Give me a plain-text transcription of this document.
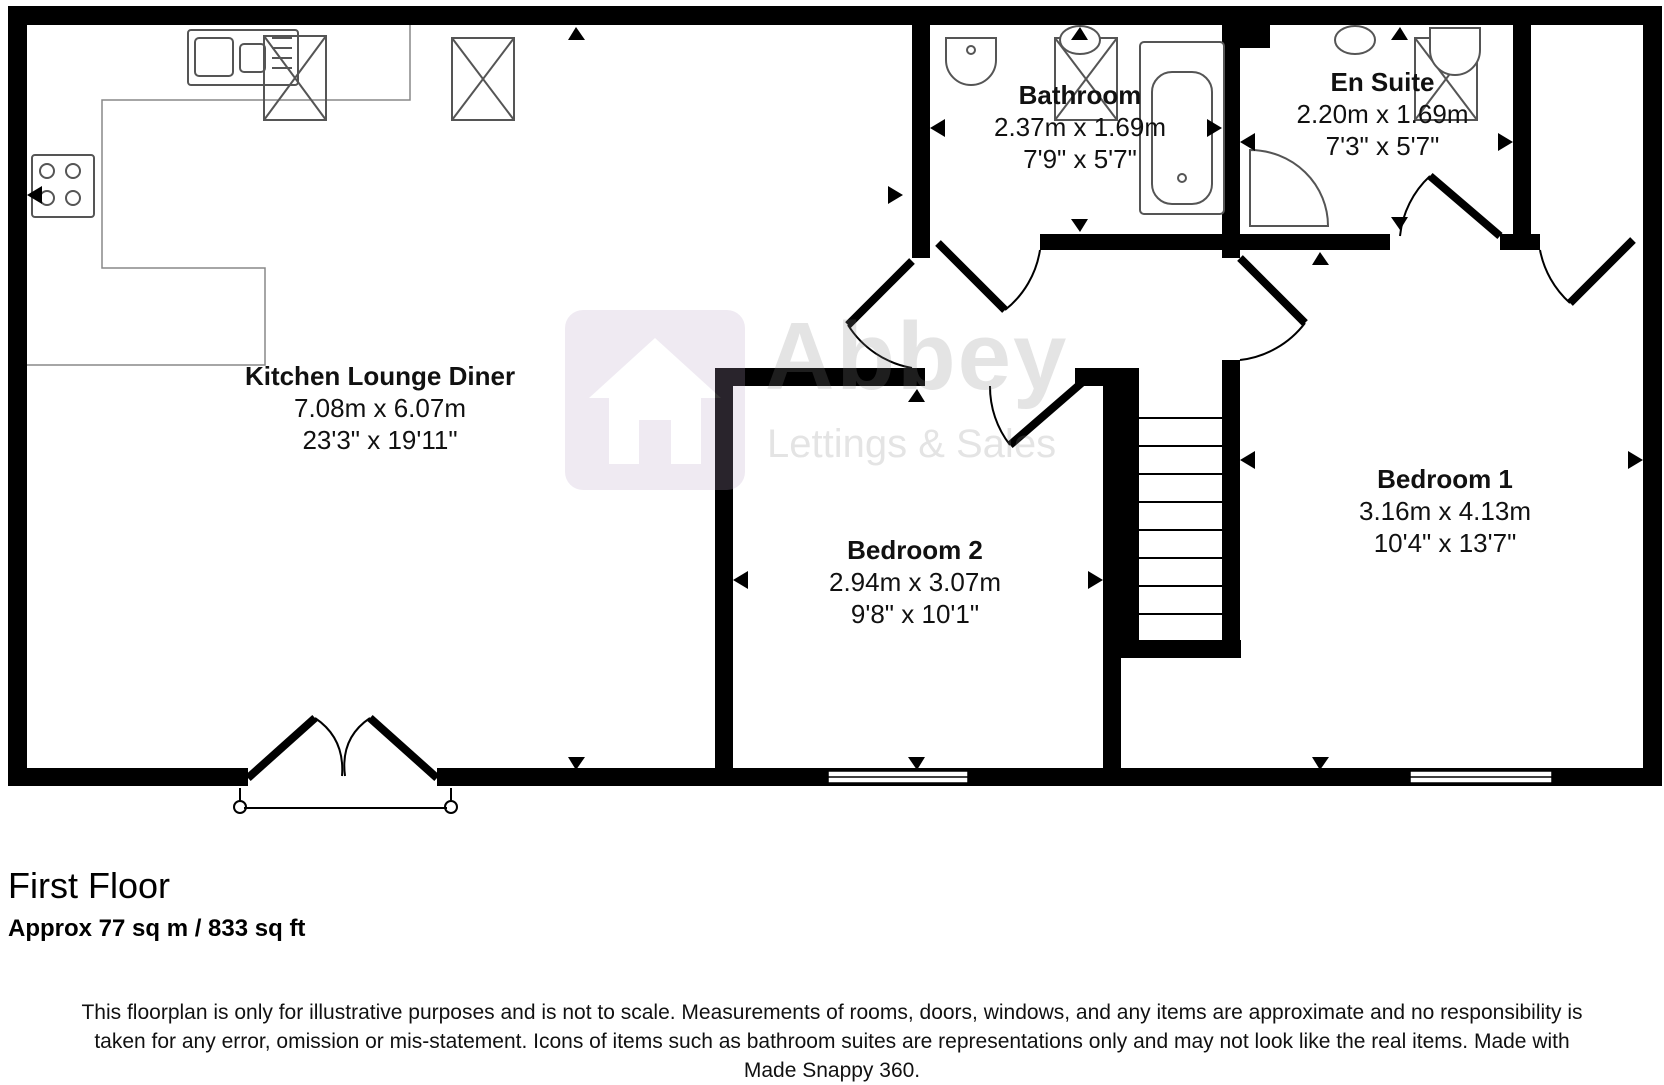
Abbey
Lettings & Sales
Kitchen Lounge Diner
7.08m x 6.07m
23'3" x 19'11"
Bathroom
2.37m x 1.69m
7'9" x 5'7"
En Suite
2.20m x 1.69m
7'3" x 5'7"
Bedroom 1
3.16m x 4.13m
10'4" x 13'7"
Bedroom 2
2.94m x 3.07m
9'8" x 10'1"
First Floor
Approx 77 sq m / 833 sq ft
This floorplan is only for illustrative purposes and is not to scale. Measurements of rooms, doors, windows, and any items are approximate and no responsibility is taken for any error, omission or mis-statement. Icons of items such as bathroom suites are representations only and may not look like the real items. Made with Made Snappy 360.
